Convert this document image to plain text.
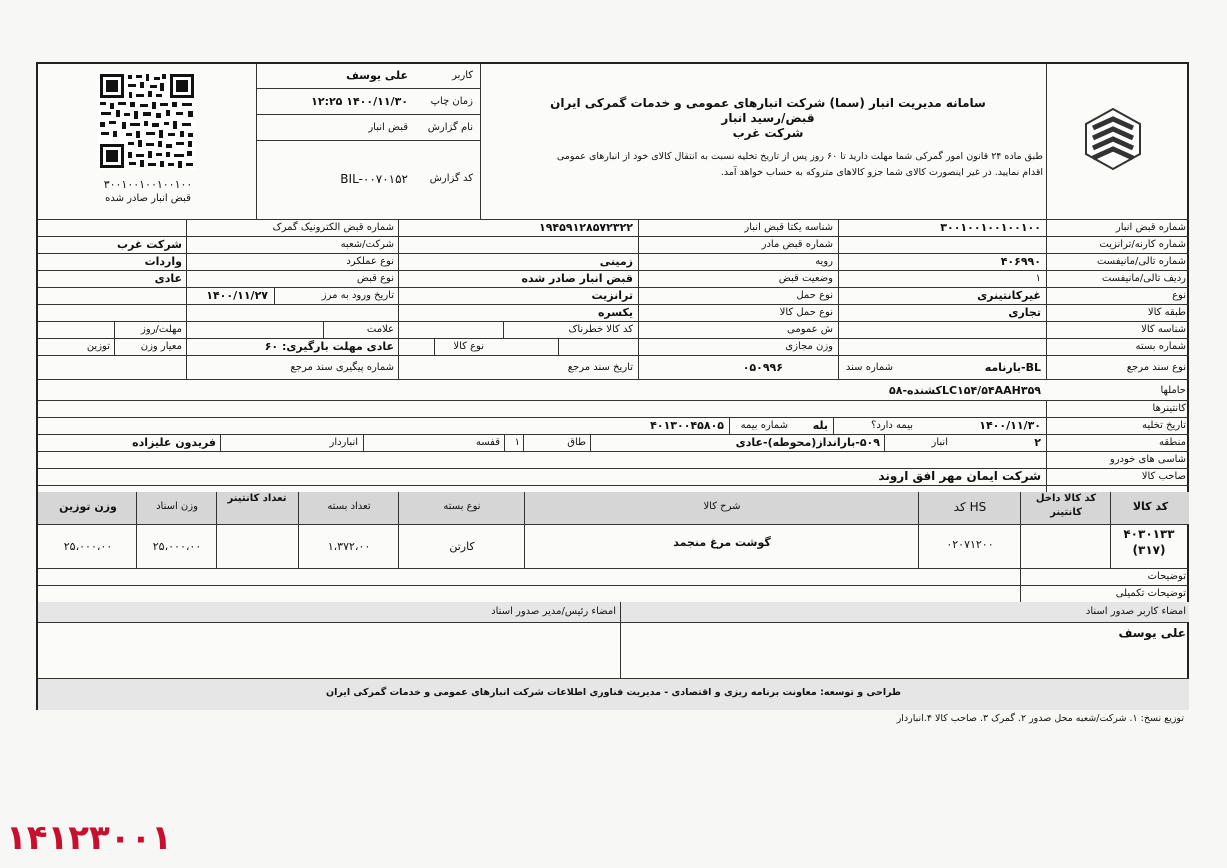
۳۰۰۱۰۰۱۰۰۱۰۰۱۰۰
قبض انبار صادر شده
کاربر
علی یوسف
زمان چاپ
۱۴۰۰/۱۱/۳۰ ۱۲:۲۵
نام گزارش
قبض انبار
کد گزارش
BIL-۰۰۷۰۱۵۲
سامانه مدیریت انبار (سما) شرکت انبارهای عمومی و خدمات گمرکی ایران
قبض/رسید انبار
شرکت غرب
طبق ماده ۲۴ قانون امور گمرکی شما مهلت دارید تا ۶۰ روز پس از تاریخ تخلیه نسبت به انتقال کالای خود از انبارهای عمومی
اقدام نمایید. در غیر اینصورت کالای شما جزو کالاهای متروکه به حساب خواهد آمد.
شماره قبض انبار
۳۰۰۱۰۰۱۰۰۱۰۰۱۰۰
شناسه یکتا قبض انبار
۱۹۴۵۹۱۲۸۵۷۲۳۲۲
شماره قبض الکترونیک گمرک
شماره کارنه/ترانزیت
شماره قبض مادر
شرکت/شعبه
شرکت غرب
شماره تالی/مانیفست
۴۰۶۹۹۰
رویه
زمینی
نوع عملکرد
واردات
ردیف تالی/مانیفست
۱
وضعیت قبض
قبض انبار صادر شده
نوع قبض
عادی
نوع
غیرکانتینری
نوع حمل
ترانزیت
تاریخ ورود به مرز
۱۴۰۰/۱۱/۲۷
طبقه کالا
تجاری
نوع حمل کالا
یکسره
شناسه کالا
ش عمومی
کد کالا خطرناک
علامت
مهلت/روز
شماره بسته
وزن مجازی
نوع کالا
عادی مهلت بارگیری: ۶۰
معیار وزن
توزین
نوع سند مرجع
BL-بارنامه
شماره سند
۰۵۰۹۹۶
تاریخ سند مرجع
شماره پیگیری سند مرجع
حاملها
LC۱۵۴/۵۴AAH۳۵۹کشنده-۵۸
کانتینرها
تاریخ تخلیه
۱۴۰۰/۱۱/۳۰
بیمه دارد؟
بله
شماره بیمه
۴۰۱۳۰۰۴۵۸۰۵
منطقه
۲
انبار
۵۰۹-بارانداز(محوطه)-عادی
طاق
۱
قفسه
انباردار
فریدون علیزاده
شاسی های خودرو
صاحب کالا
شرکت ایمان مهر افق اروند
کد کالا
کد کالا داخل کانتینر
کد HS
شرح کالا
نوع بسته
تعداد بسته
تعداد کانتینر
وزن اسناد
وزن توزین
۴۰۳۰۱۳۳ (۳۱۷)
۰۲۰۷۱۲۰۰
گوشت مرغ منجمد
کارتن
۱،۳۷۲،۰۰
۲۵،۰۰۰،۰۰
۲۵،۰۰۰،۰۰
توضیحات
توضیحات تکمیلی
امضاء کاربر صدور اسناد
علی یوسف
امضاء رئیس/مدیر صدور اسناد
طراحی و توسعه: معاونت برنامه ریزی و اقتصادی - مدیریت فناوری اطلاعات شرکت انبارهای عمومی و خدمات گمرکی ایران
توزیع نسخ: ۱. شرکت/شعبه محل صدور ۲. گمرک ۳. صاحب کالا ۴.انباردار
۱۴۱۲۳۰۰۱
